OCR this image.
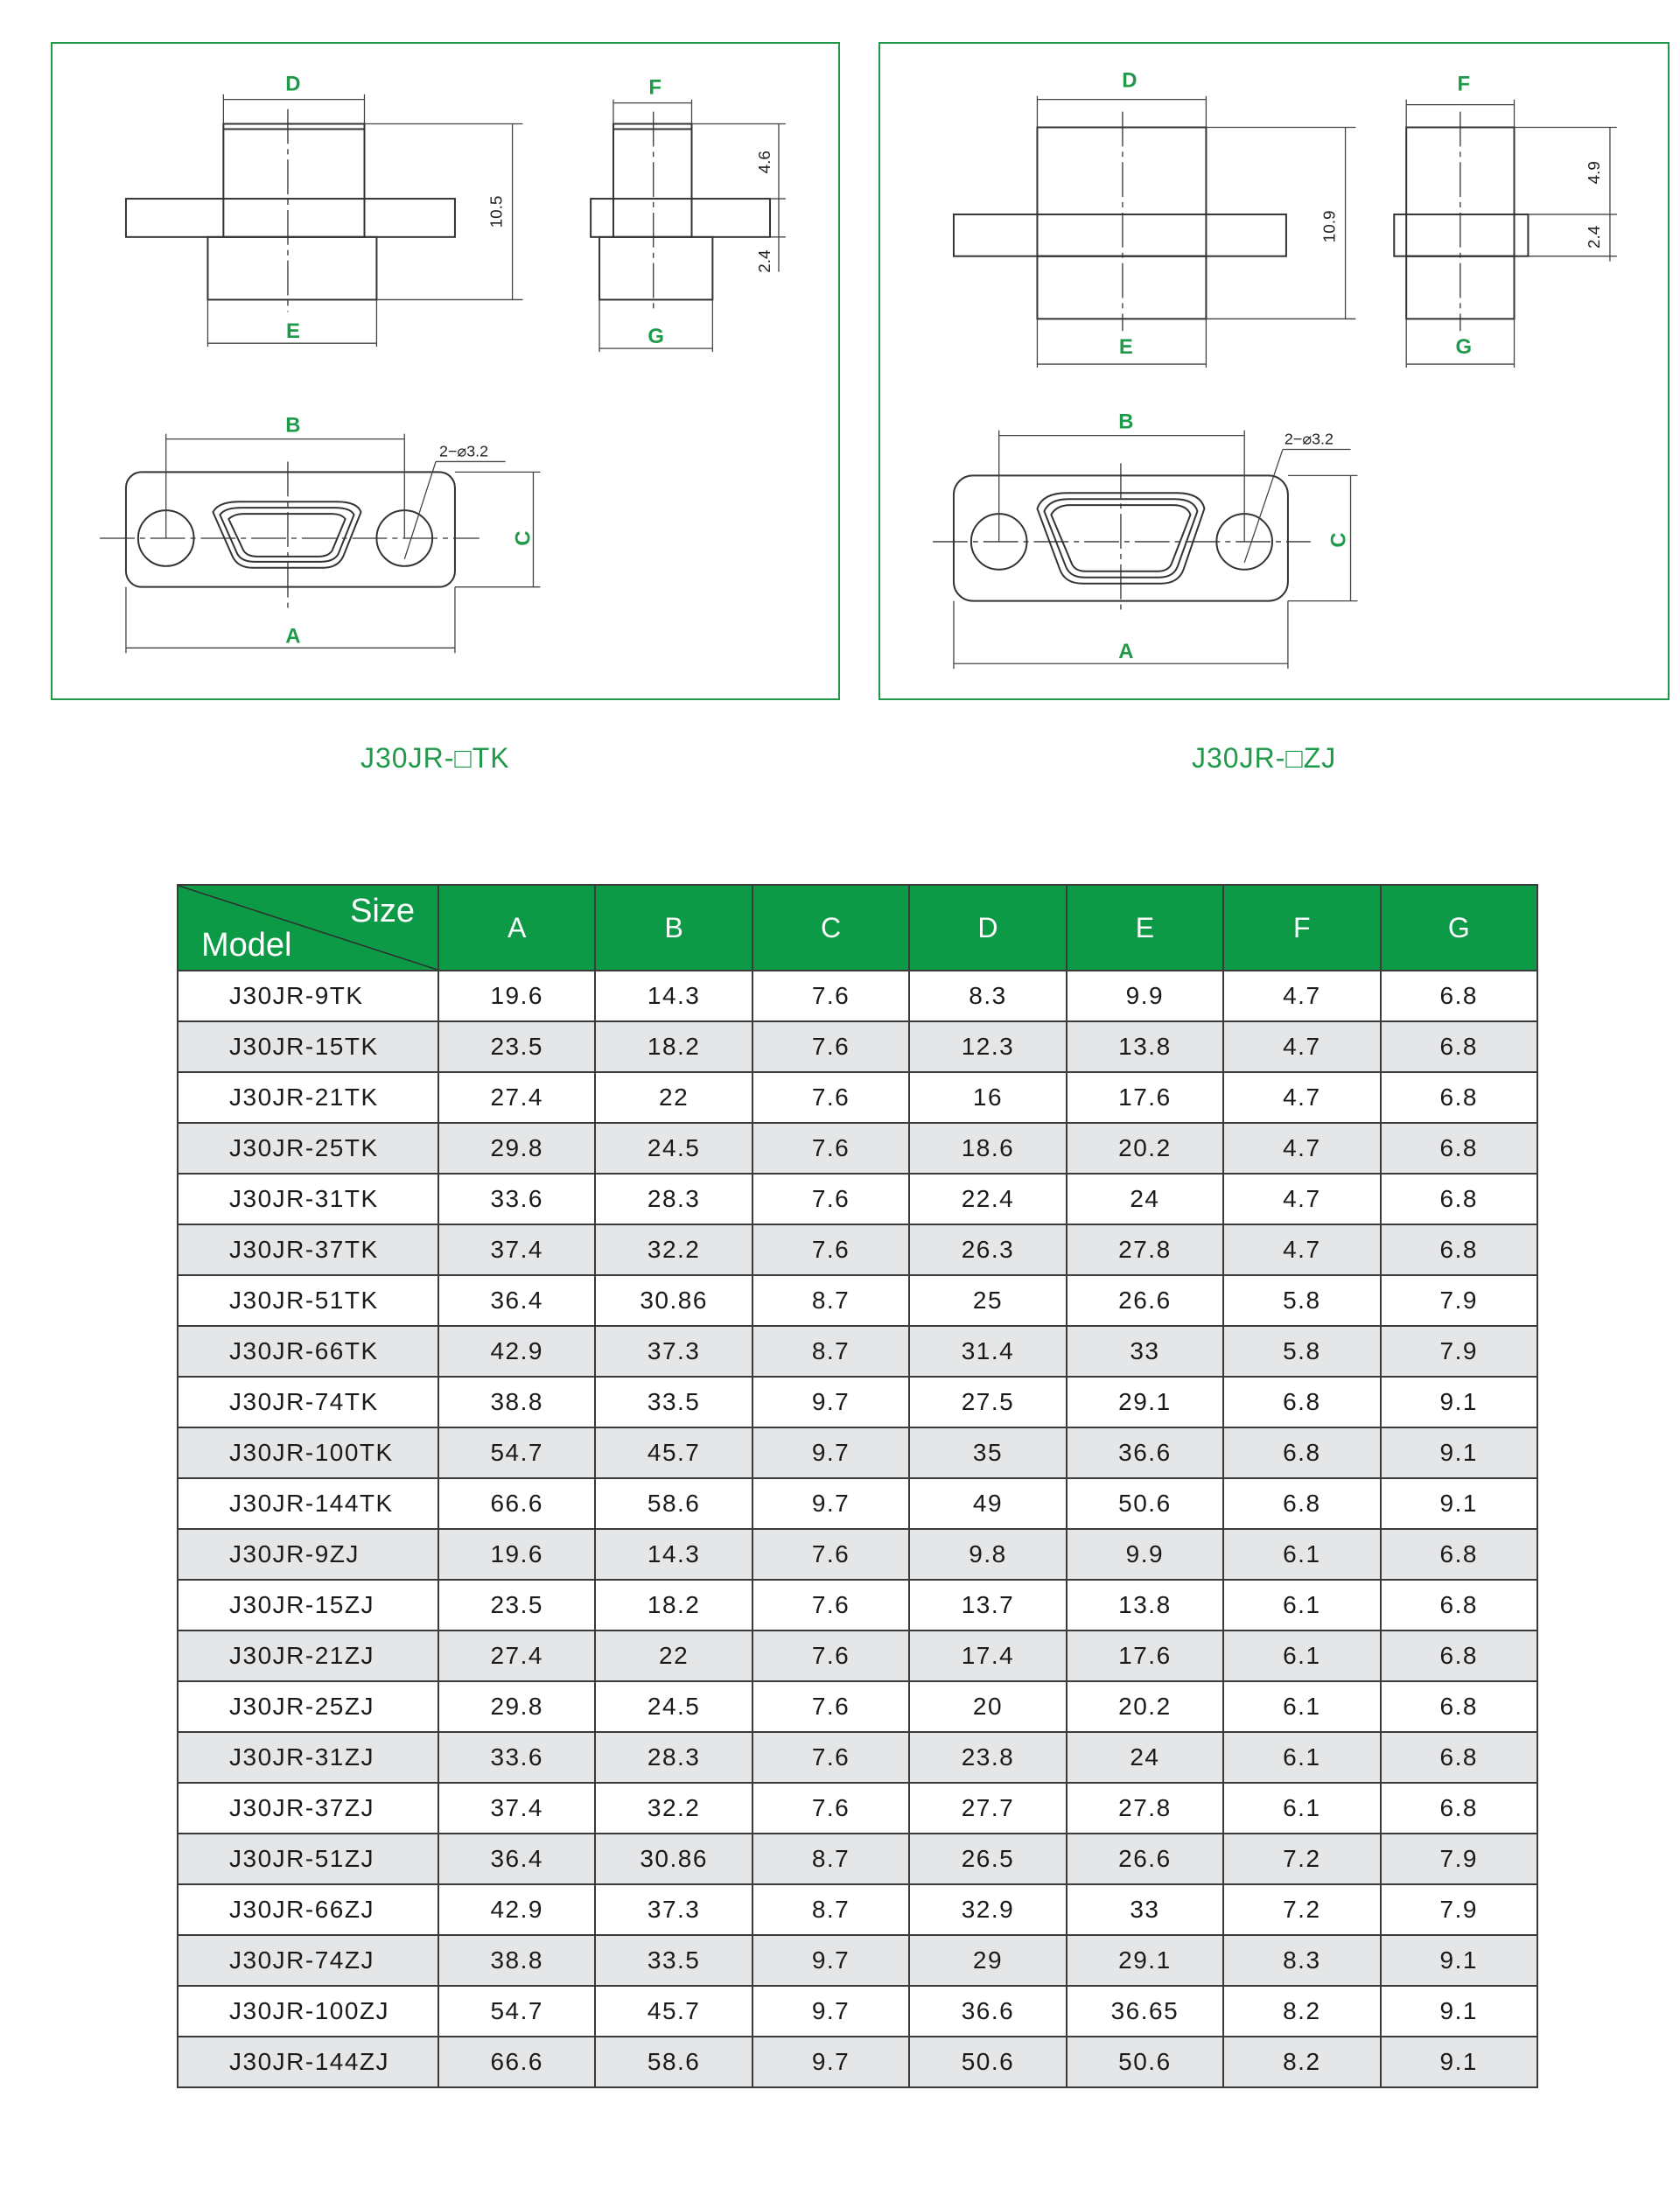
D
E
10.5
F
G
4.6
2.4
B
2−⌀3.2
C
A
D
E
10.9
F
G
4.9
2.4
B
2−⌀3.2
C
A
J30JR-□TK	J30JR-□ZJ
Size
Model	A	B	C	D	E	F	G
J30JR-9TK	19.6	14.3	7.6	8.3	9.9	4.7	6.8
J30JR-15TK	23.5	18.2	7.6	12.3	13.8	4.7	6.8
J30JR-21TK	27.4	22	7.6	16	17.6	4.7	6.8
J30JR-25TK	29.8	24.5	7.6	18.6	20.2	4.7	6.8
J30JR-31TK	33.6	28.3	7.6	22.4	24	4.7	6.8
J30JR-37TK	37.4	32.2	7.6	26.3	27.8	4.7	6.8
J30JR-51TK	36.4	30.86	8.7	25	26.6	5.8	7.9
J30JR-66TK	42.9	37.3	8.7	31.4	33	5.8	7.9
J30JR-74TK	38.8	33.5	9.7	27.5	29.1	6.8	9.1
J30JR-100TK	54.7	45.7	9.7	35	36.6	6.8	9.1
J30JR-144TK	66.6	58.6	9.7	49	50.6	6.8	9.1
J30JR-9ZJ	19.6	14.3	7.6	9.8	9.9	6.1	6.8
J30JR-15ZJ	23.5	18.2	7.6	13.7	13.8	6.1	6.8
J30JR-21ZJ	27.4	22	7.6	17.4	17.6	6.1	6.8
J30JR-25ZJ	29.8	24.5	7.6	20	20.2	6.1	6.8
J30JR-31ZJ	33.6	28.3	7.6	23.8	24	6.1	6.8
J30JR-37ZJ	37.4	32.2	7.6	27.7	27.8	6.1	6.8
J30JR-51ZJ	36.4	30.86	8.7	26.5	26.6	7.2	7.9
J30JR-66ZJ	42.9	37.3	8.7	32.9	33	7.2	7.9
J30JR-74ZJ	38.8	33.5	9.7	29	29.1	8.3	9.1
J30JR-100ZJ	54.7	45.7	9.7	36.6	36.65	8.2	9.1
J30JR-144ZJ	66.6	58.6	9.7	50.6	50.6	8.2	9.1
